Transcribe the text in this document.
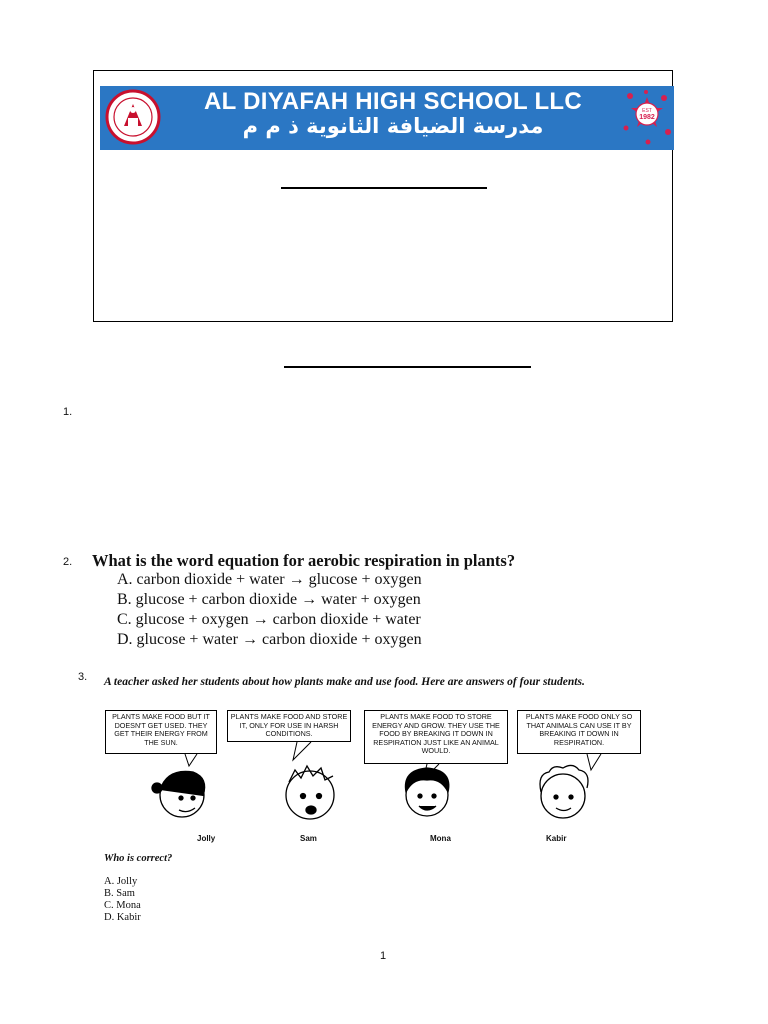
AL DIYAFAH HIGH SCHOOL LLC
مدرسة الضيافة الثانوية ذ م م
EST
1982
1.
2. What is the word equation for aerobic respiration in plants?
A. carbon dioxide + water → glucose + oxygen
B. glucose + carbon dioxide → water + oxygen
C. glucose + oxygen → carbon dioxide + water
D. glucose + water → carbon dioxide + oxygen
3. A teacher asked her students about how plants make and use food. Here are answers of four students.
PLANTS MAKE FOOD BUT IT DOESN'T GET USED. THEY GET THEIR ENERGY FROM THE SUN.
PLANTS MAKE FOOD AND STORE IT, ONLY FOR USE IN HARSH CONDITIONS.
PLANTS MAKE FOOD TO STORE ENERGY AND GROW. THEY USE THE FOOD BY BREAKING IT DOWN IN RESPIRATION JUST LIKE AN ANIMAL WOULD.
PLANTS MAKE FOOD ONLY SO THAT ANIMALS CAN USE IT BY BREAKING IT DOWN IN RESPIRATION.
Jolly	Sam	Mona	Kabir
Who is correct?
A. Jolly
B. Sam
C. Mona
D. Kabir
1
